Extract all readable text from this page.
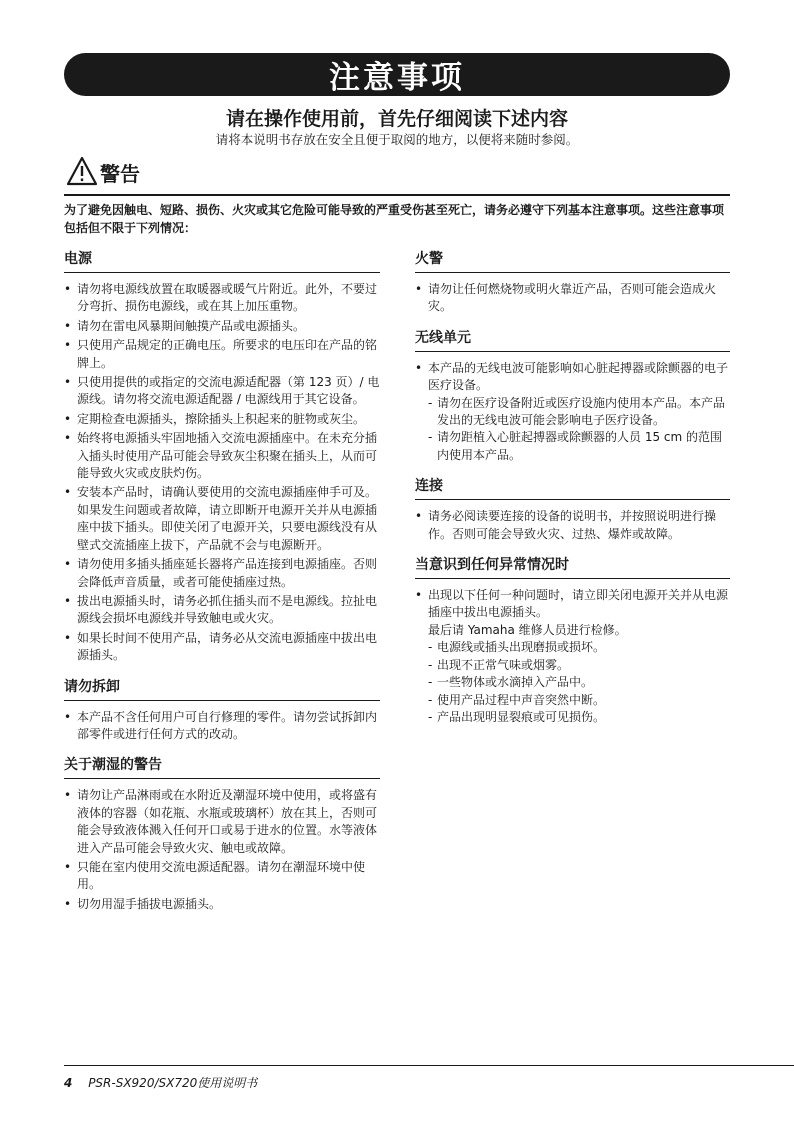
注意事项
请在操作使用前，首先仔细阅读下述内容
请将本说明书存放在安全且便于取阅的地方，以便将来随时参阅。
警告
为了避免因触电、短路、损伤、火灾或其它危险可能导致的严重受伤甚至死亡，请务必遵守下列基本注意事项。这些注意事项包括但不限于下列情况：
电源
• 请勿将电源线放置在取暖器或暖气片附近。此外，不要过分弯折、损伤电源线，或在其上加压重物。
• 请勿在雷电风暴期间触摸产品或电源插头。
• 只使用产品规定的正确电压。所要求的电压印在产品的铭牌上。
• 只使用提供的或指定的交流电源适配器（第 123 页）/ 电源线。请勿将交流电源适配器 / 电源线用于其它设备。
• 定期检查电源插头，擦除插头上积起来的脏物或灰尘。
• 始终将电源插头牢固地插入交流电源插座中。在未充分插入插头时使用产品可能会导致灰尘积聚在插头上，从而可能导致火灾或皮肤灼伤。
• 安装本产品时，请确认要使用的交流电源插座伸手可及。如果发生问题或者故障，请立即断开电源开关并从电源插座中拔下插头。即使关闭了电源开关，只要电源线没有从壁式交流插座上拔下，产品就不会与电源断开。
• 请勿使用多插头插座延长器将产品连接到电源插座。否则会降低声音质量，或者可能使插座过热。
• 拔出电源插头时，请务必抓住插头而不是电源线。拉扯电源线会损坏电源线并导致触电或火灾。
• 如果长时间不使用产品，请务必从交流电源插座中拔出电源插头。
请勿拆卸
• 本产品不含任何用户可自行修理的零件。请勿尝试拆卸内部零件或进行任何方式的改动。
关于潮湿的警告
• 请勿让产品淋雨或在水附近及潮湿环境中使用，或将盛有液体的容器（如花瓶、水瓶或玻璃杯）放在其上，否则可能会导致液体溅入任何开口或易于进水的位置。水等液体进入产品可能会导致火灾、触电或故障。
• 只能在室内使用交流电源适配器。请勿在潮湿环境中使用。
• 切勿用湿手插拔电源插头。
火警
• 请勿让任何燃烧物或明火靠近产品，否则可能会造成火灾。
无线单元
• 本产品的无线电波可能影响如心脏起搏器或除颤器的电子医疗设备。
- 请勿在医疗设备附近或医疗设施内使用本产品。本产品发出的无线电波可能会影响电子医疗设备。
- 请勿距植入心脏起搏器或除颤器的人员 15 cm 的范围内使用本产品。
连接
• 请务必阅读要连接的设备的说明书，并按照说明进行操作。否则可能会导致火灾、过热、爆炸或故障。
当意识到任何异常情况时
• 出现以下任何一种问题时，请立即关闭电源开关并从电源插座中拔出电源插头。
最后请 Yamaha 维修人员进行检修。
- 电源线或插头出现磨损或损坏。
- 出现不正常气味或烟雾。
- 一些物体或水滴掉入产品中。
- 使用产品过程中声音突然中断。
- 产品出现明显裂痕或可见损伤。
4 PSR-SX920/SX720使用说明书
